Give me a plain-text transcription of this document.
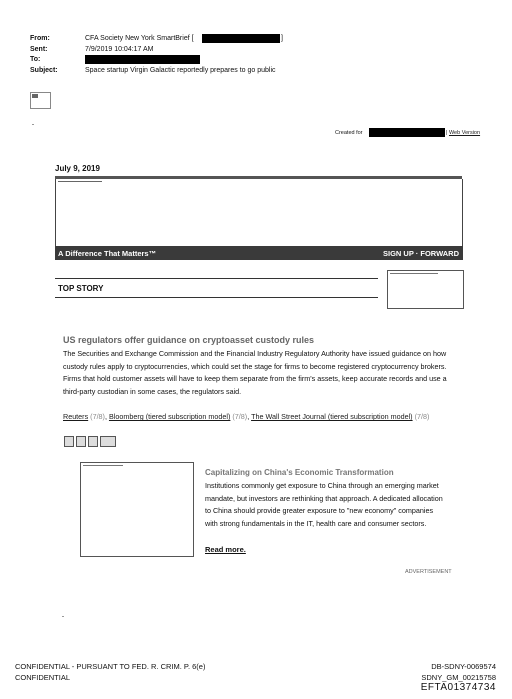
From:	CFA Society New York SmartBrief [	]
Sent:	7/9/2019 10:04:17 AM
To:
Subject:	Space startup Virgin Galactic reportedly prepares to go public
Created for	| Web Version
July 9, 2019
A Difference That Matters™	SIGN UP · FORWARD
TOP STORY
US regulators offer guidance on cryptoasset custody rules
The Securities and Exchange Commission and the Financial Industry Regulatory Authority have issued guidance on how custody rules apply to cryptocurrencies, which could set the stage for firms to become registered cryptocurrency brokers. Firms that hold customer assets will have to keep them separate from the firm's assets, keep accurate records and use a third-party custodian in some cases, the regulators said.
Reuters (7/8), Bloomberg (tiered subscription model) (7/8), The Wall Street Journal (tiered subscription model) (7/8)
Capitalizing on China's Economic Transformation
Institutions commonly get exposure to China through an emerging market mandate, but investors are rethinking that approach. A dedicated allocation to China should provide greater exposure to "new economy" companies with strong fundamentals in the IT, health care and consumer sectors.
Read more.
ADVERTISEMENT
CONFIDENTIAL - PURSUANT TO FED. R. CRIM. P. 6(e)
CONFIDENTIAL
DB-SDNY-0069574
SDNY_GM_00215758
EFTA01374734
